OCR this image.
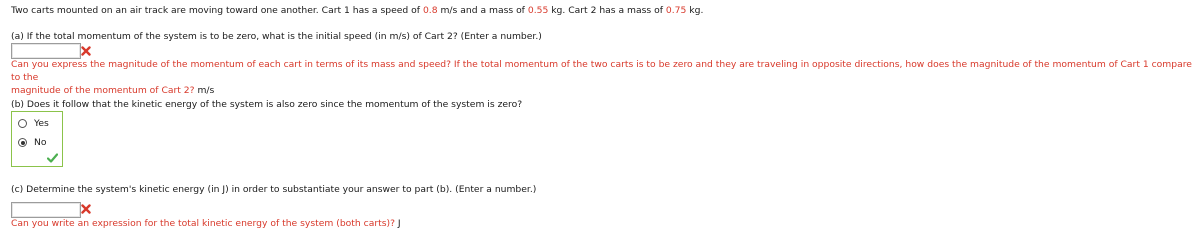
Two carts mounted on an air track are moving toward one another. Cart 1 has a speed of 0.8 m/s and a mass of 0.55 kg. Cart 2 has a mass of 0.75 kg.
(a) If the total momentum of the system is to be zero, what is the initial speed (in m/s) of Cart 2? (Enter a number.)
Can you express the magnitude of the momentum of each cart in terms of its mass and speed? If the total momentum of the two carts is to be zero and they are traveling in opposite directions, how does the magnitude of the momentum of Cart 1 compare to the
magnitude of the momentum of Cart 2? m/s
(b) Does it follow that the kinetic energy of the system is also zero since the momentum of the system is zero?
Yes
No
(c) Determine the system's kinetic energy (in J) in order to substantiate your answer to part (b). (Enter a number.)
Can you write an expression for the total kinetic energy of the system (both carts)? J
